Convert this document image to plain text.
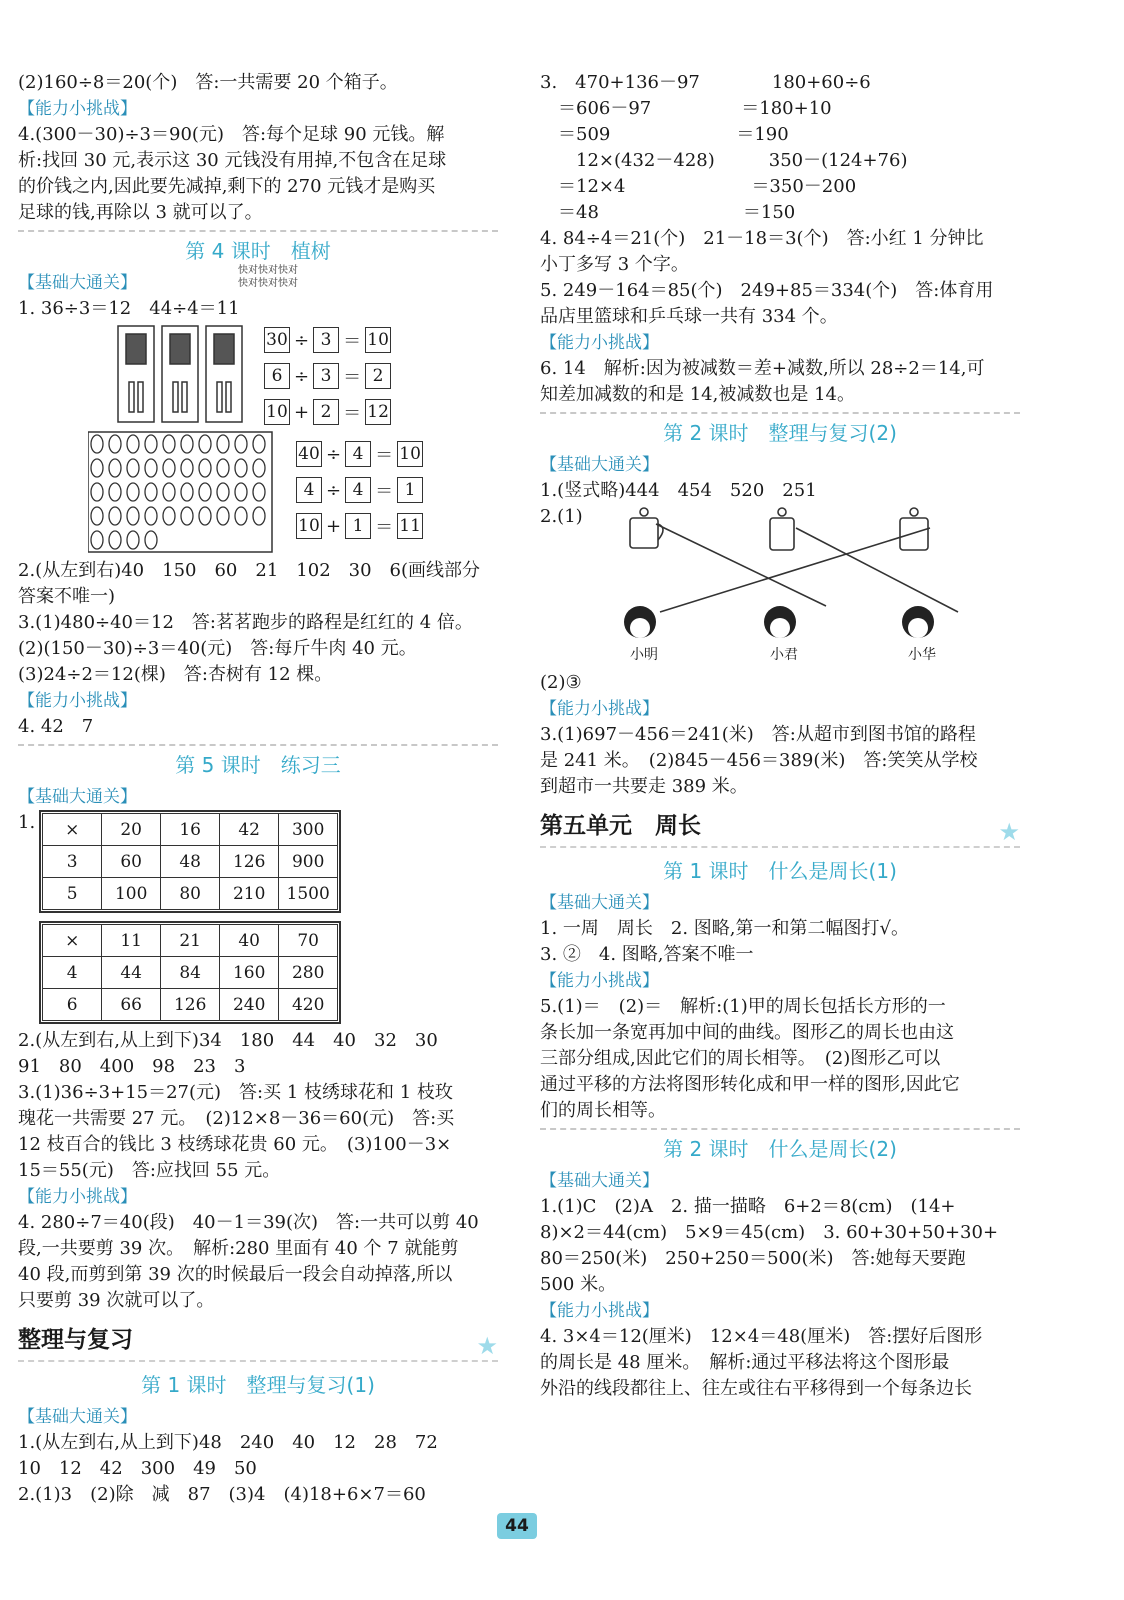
(2)160÷8＝20(个)　答:一共需要 20 个箱子。
【能力小挑战】
4.(300－30)÷3＝90(元)　答:每个足球 90 元钱。解
析:找回 30 元,表示这 30 元钱没有用掉,不包含在足球
的价钱之内,因此要先减掉,剩下的 270 元钱才是购买
足球的钱,再除以 3 就可以了。
第 4 课时　植树
【基础大通关】
快对快对快对
快对快对快对
1. 36÷3＝12　44÷4＝11
30 ÷ 3 ＝ 10
6 ÷ 3 ＝ 2
10 + 2 ＝ 12
40 ÷ 4 ＝ 10
4 ÷ 4 ＝ 1
10 + 1 ＝ 11
2.(从左到右)40　150　60　21　102　30　6(画线部分
答案不唯一)
3.(1)480÷40＝12　答:茗茗跑步的路程是红红的 4 倍。
(2)(150－30)÷3＝40(元)　答:每斤牛肉 40 元。
(3)24÷2＝12(棵)　答:杏树有 12 棵。
【能力小挑战】
4. 42　7
第 5 课时　练习三
【基础大通关】
1. ×	20	16	42	300
3	60	48	126	900
5	100	80	210	1500

×	11	21	40	70
4	44	84	160	280
6	66	126	240	420
2.(从左到右,从上到下)34　180　44　40　32　30
91　80　400　98　23　3
3.(1)36÷3+15＝27(元)　答:买 1 枝绣球花和 1 枝玫
瑰花一共需要 27 元。　(2)12×8－36＝60(元)　答:买
12 枝百合的钱比 3 枝绣球花贵 60 元。　(3)100－3×
15＝55(元)　答:应找回 55 元。
【能力小挑战】
4. 280÷7＝40(段)　40－1＝39(次)　答:一共可以剪 40
段,一共要剪 39 次。　解析:280 里面有 40 个 7 就能剪
40 段,而剪到第 39 次的时候最后一段会自动掉落,所以
只要剪 39 次就可以了。
整理与复习	★
第 1 课时　整理与复习(1)
【基础大通关】
1.(从左到右,从上到下)48　240　40　12　28　72
10　12　42　300　49　50
2.(1)3　(2)除　减　87　(3)4　(4)18+6×7＝60
3.　470+136－97　　　　180+60÷6
　＝606－97　　　　　＝180+10
　＝509　　　　　　　＝190
　　12×(432－428)　　　350－(124+76)
　＝12×4　　　　　　　＝350－200
　＝48　　　　　　　　＝150
4. 84÷4＝21(个)　21－18＝3(个)　答:小红 1 分钟比
小丁多写 3 个字。
5. 249－164＝85(个)　249+85＝334(个)　答:体育用
品店里篮球和乒乓球一共有 334 个。
【能力小挑战】
6. 14　解析:因为被减数＝差+减数,所以 28÷2＝14,可
知差加减数的和是 14,被减数也是 14。
第 2 课时　整理与复习(2)
【基础大通关】
1.(竖式略)444　454　520　251
2.(1)
小明	小君	小华
(2)③
【能力小挑战】
3.(1)697－456＝241(米)　答:从超市到图书馆的路程
是 241 米。　(2)845－456＝389(米)　答:笑笑从学校
到超市一共要走 389 米。
第五单元　周长	★
第 1 课时　什么是周长(1)
【基础大通关】
1. 一周　周长　2. 图略,第一和第二幅图打√。
3. ②　4. 图略,答案不唯一
【能力小挑战】
5.(1)＝　(2)＝　解析:(1)甲的周长包括长方形的一
条长加一条宽再加中间的曲线。图形乙的周长也由这
三部分组成,因此它们的周长相等。　(2)图形乙可以
通过平移的方法将图形转化成和甲一样的图形,因此它
们的周长相等。
第 2 课时　什么是周长(2)
【基础大通关】
1.(1)C　(2)A　2. 描一描略　6+2＝8(cm)　(14+
8)×2＝44(cm)　5×9＝45(cm)　3. 60+30+50+30+
80＝250(米)　250+250＝500(米)　答:她每天要跑
500 米。
【能力小挑战】
4. 3×4＝12(厘米)　12×4＝48(厘米)　答:摆好后图形
的周长是 48 厘米。　解析:通过平移法将这个图形最
外沿的线段都往上、往左或往右平移得到一个每条边长
44
